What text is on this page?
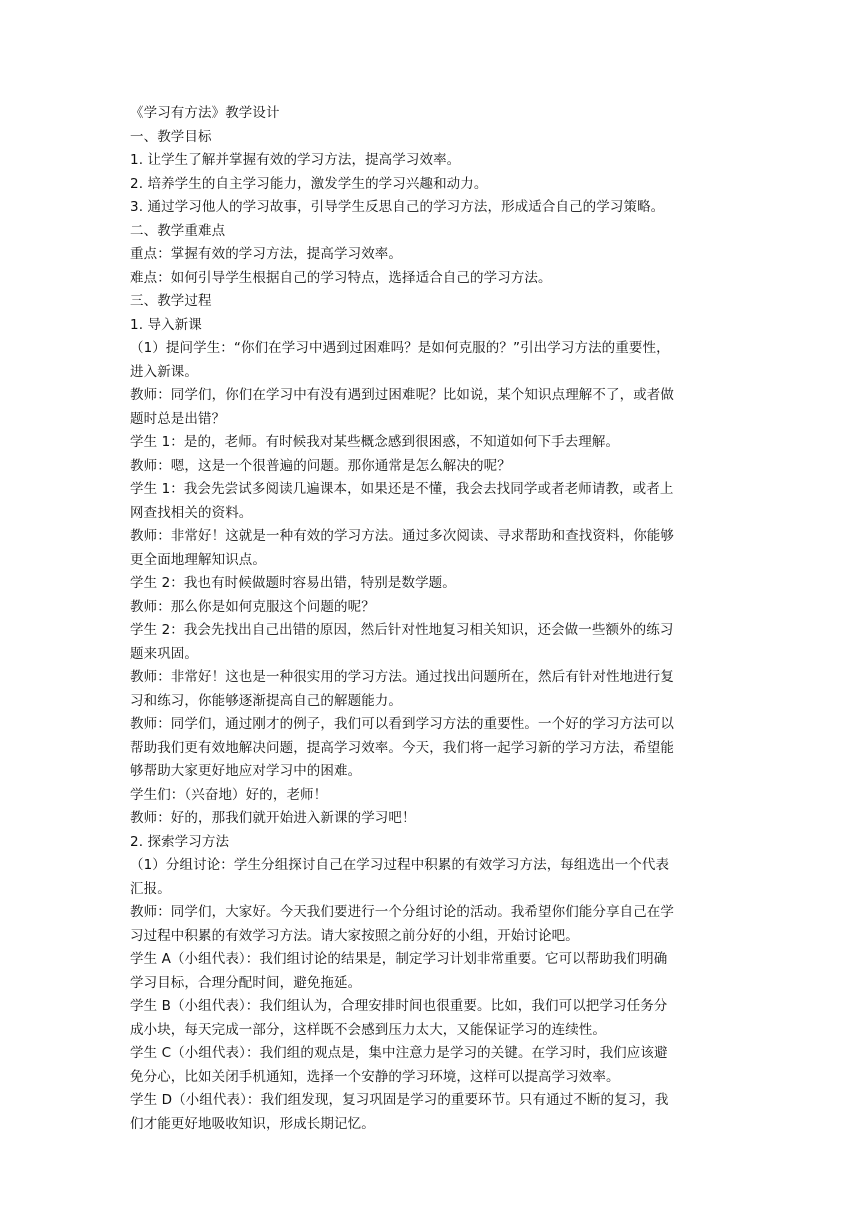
《学习有方法》教学设计
一、教学目标
1. 让学生了解并掌握有效的学习方法，提高学习效率。
2. 培养学生的自主学习能力，激发学生的学习兴趣和动力。
3. 通过学习他人的学习故事，引导学生反思自己的学习方法，形成适合自己的学习策略。
二、教学重难点
重点：掌握有效的学习方法，提高学习效率。
难点：如何引导学生根据自己的学习特点，选择适合自己的学习方法。
三、教学过程
1. 导入新课
（1）提问学生：“你们在学习中遇到过困难吗？是如何克服的？”引出学习方法的重要性，
进入新课。
教师：同学们，你们在学习中有没有遇到过困难呢？比如说，某个知识点理解不了，或者做
题时总是出错？
学生 1：是的，老师。有时候我对某些概念感到很困惑，不知道如何下手去理解。
教师：嗯，这是一个很普遍的问题。那你通常是怎么解决的呢？
学生 1：我会先尝试多阅读几遍课本，如果还是不懂，我会去找同学或者老师请教，或者上
网查找相关的资料。
教师：非常好！这就是一种有效的学习方法。通过多次阅读、寻求帮助和查找资料，你能够
更全面地理解知识点。
学生 2：我也有时候做题时容易出错，特别是数学题。
教师：那么你是如何克服这个问题的呢？
学生 2：我会先找出自己出错的原因，然后针对性地复习相关知识，还会做一些额外的练习
题来巩固。
教师：非常好！这也是一种很实用的学习方法。通过找出问题所在，然后有针对性地进行复
习和练习，你能够逐渐提高自己的解题能力。
教师：同学们，通过刚才的例子，我们可以看到学习方法的重要性。一个好的学习方法可以
帮助我们更有效地解决问题，提高学习效率。今天，我们将一起学习新的学习方法，希望能
够帮助大家更好地应对学习中的困难。
学生们：（兴奋地）好的，老师！
教师：好的，那我们就开始进入新课的学习吧！
2. 探索学习方法
（1）分组讨论：学生分组探讨自己在学习过程中积累的有效学习方法，每组选出一个代表
汇报。
教师：同学们，大家好。今天我们要进行一个分组讨论的活动。我希望你们能分享自己在学
习过程中积累的有效学习方法。请大家按照之前分好的小组，开始讨论吧。
学生 A（小组代表）：我们组讨论的结果是，制定学习计划非常重要。它可以帮助我们明确
学习目标，合理分配时间，避免拖延。
学生 B（小组代表）：我们组认为，合理安排时间也很重要。比如，我们可以把学习任务分
成小块，每天完成一部分，这样既不会感到压力太大，又能保证学习的连续性。
学生 C（小组代表）：我们组的观点是，集中注意力是学习的关键。在学习时，我们应该避
免分心，比如关闭手机通知，选择一个安静的学习环境，这样可以提高学习效率。
学生 D（小组代表）：我们组发现，复习巩固是学习的重要环节。只有通过不断的复习，我
们才能更好地吸收知识，形成长期记忆。
